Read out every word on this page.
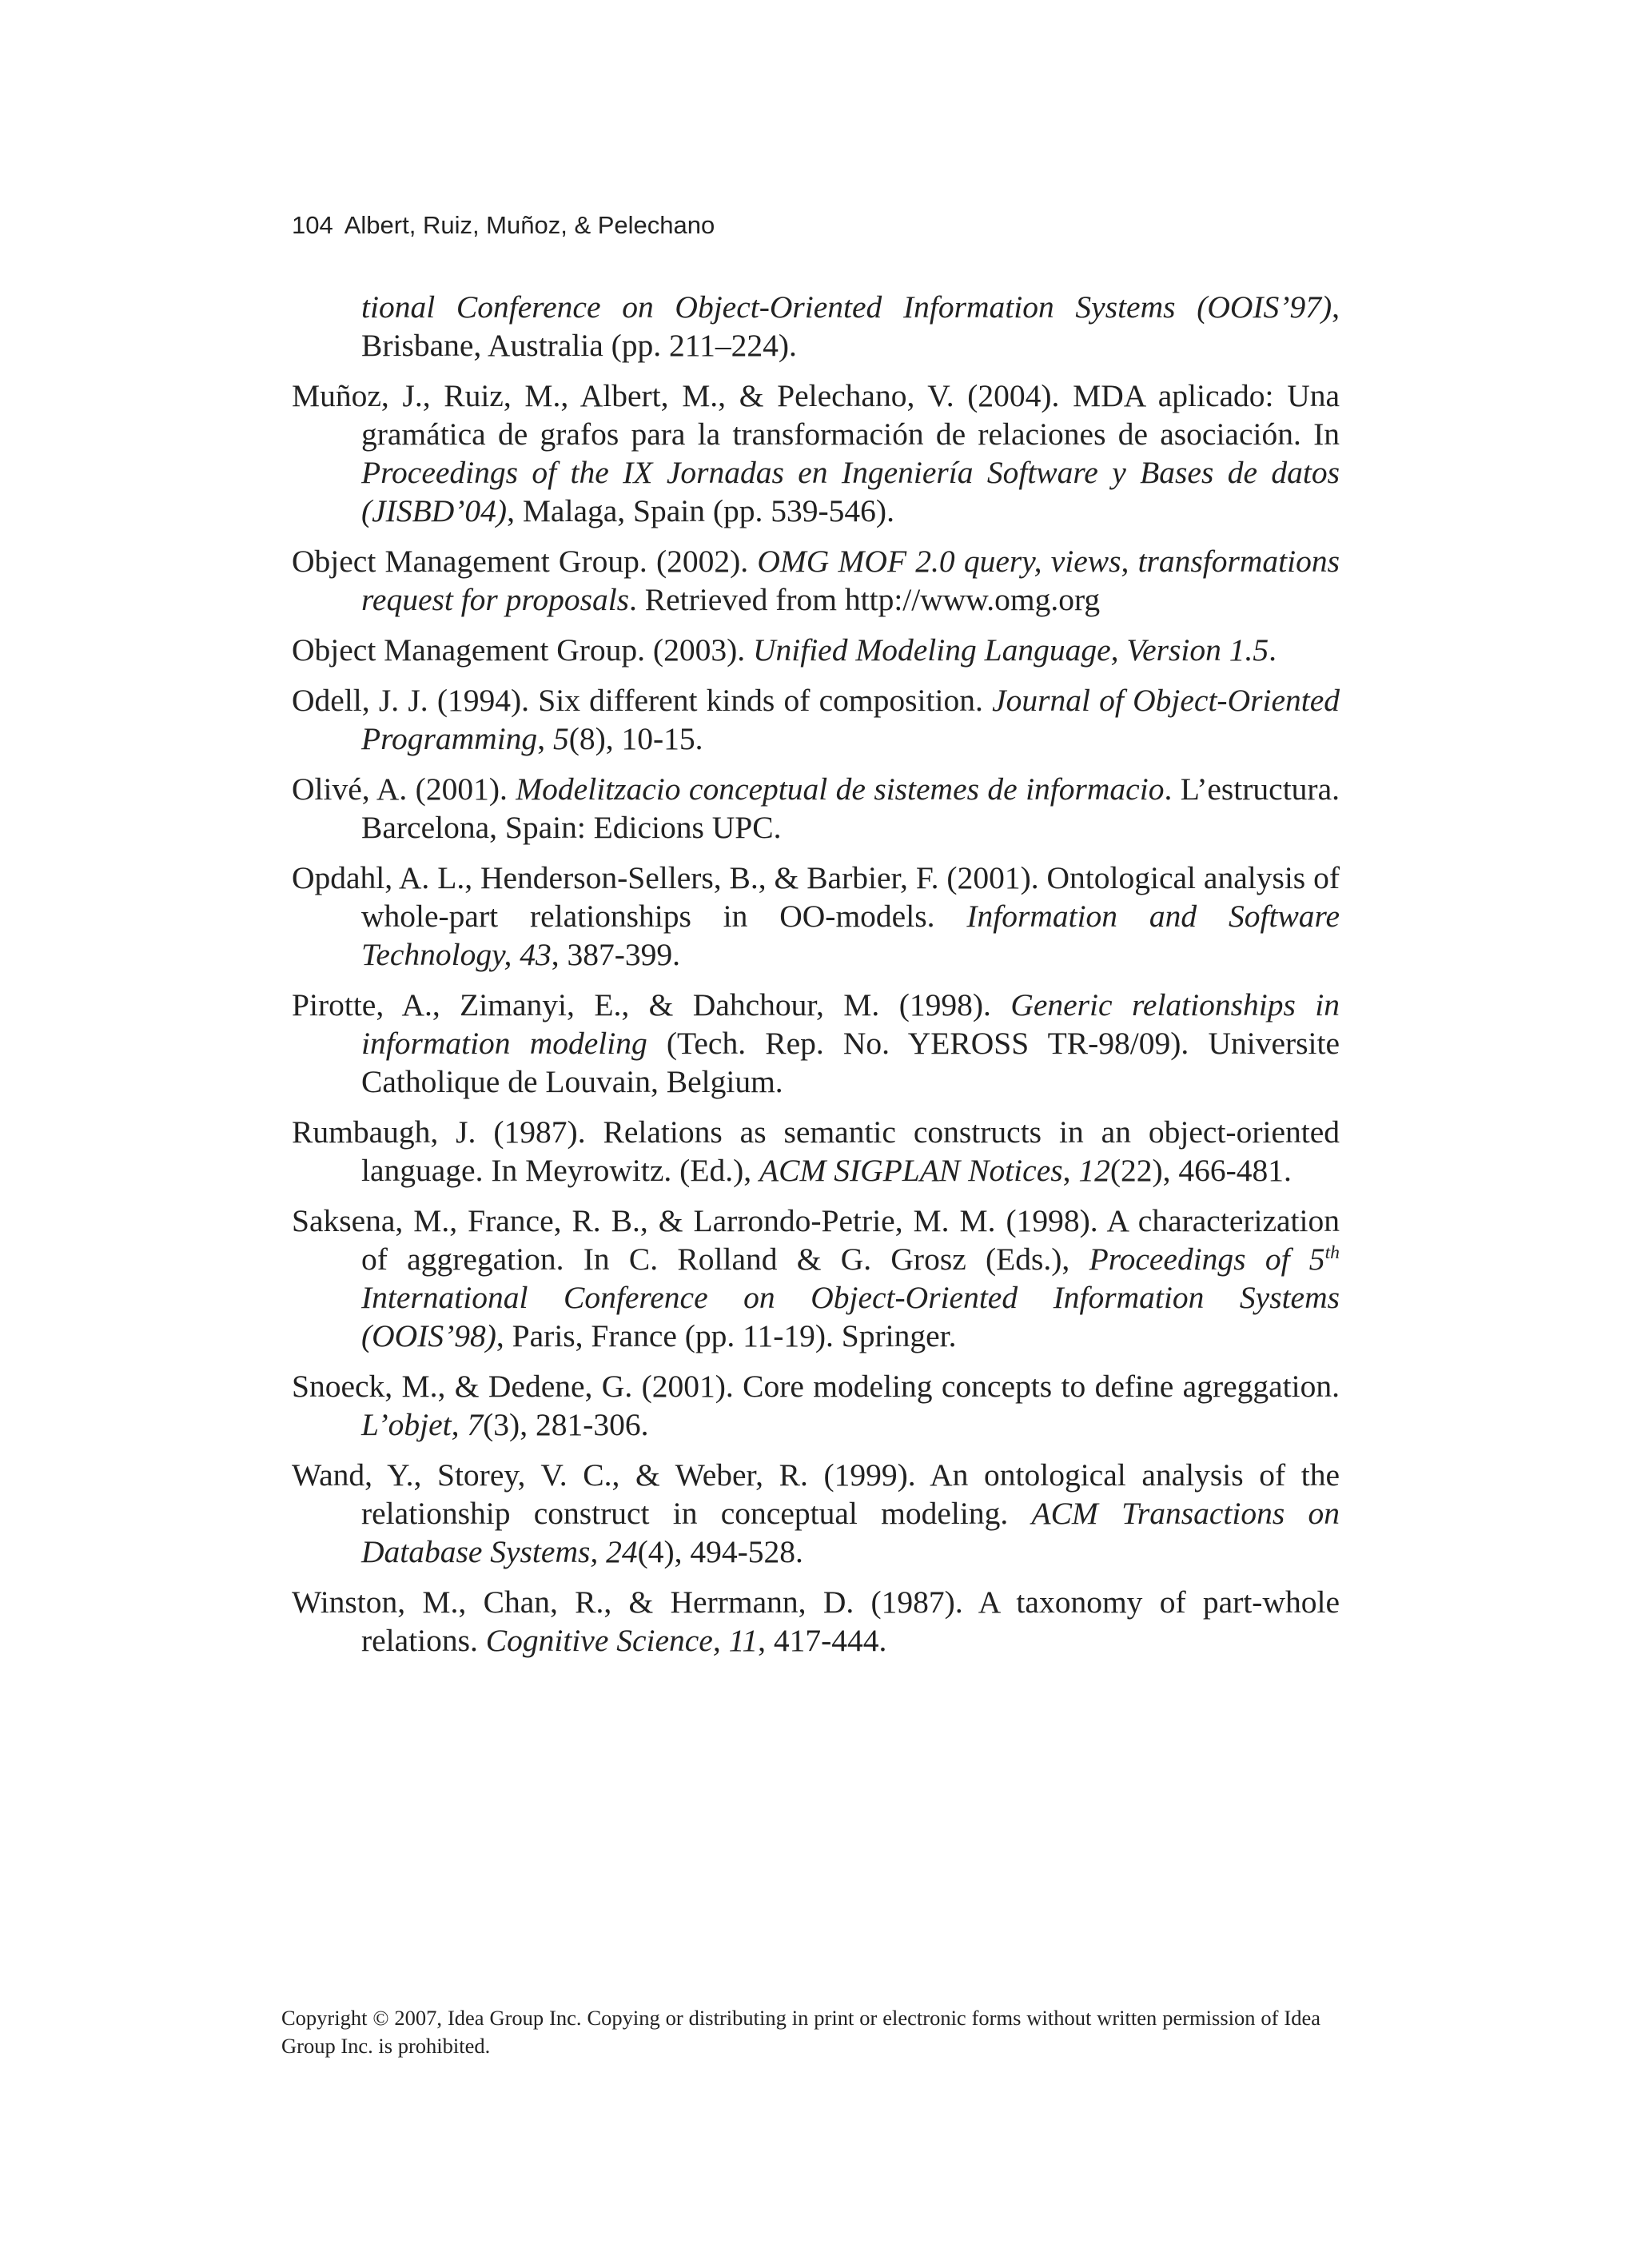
104 Albert, Ruiz, Muñoz, & Pelechano

tional Conference on Object-Oriented Information Systems (OOIS’97), Brisbane, Australia (pp. 211–224).

Muñoz, J., Ruiz, M., Albert, M., & Pelechano, V. (2004). MDA aplicado: Una gramática de grafos para la transformación de relaciones de asociación. In Proceedings of the IX Jornadas en Ingeniería Software y Bases de datos (JISBD’04), Malaga, Spain (pp. 539-546).

Object Management Group. (2002). OMG MOF 2.0 query, views, transformations request for proposals. Retrieved from http://www.omg.org

Object Management Group. (2003). Unified Modeling Language, Version 1.5.

Odell, J. J. (1994). Six different kinds of composition. Journal of Object-Oriented Programming, 5(8), 10-15.

Olivé, A. (2001). Modelitzacio conceptual de sistemes de informacio. L’estructura. Barcelona, Spain: Edicions UPC.

Opdahl, A. L., Henderson-Sellers, B., & Barbier, F. (2001). Ontological analysis of whole-part relationships in OO-models. Information and Software Technology, 43, 387-399.

Pirotte, A., Zimanyi, E., & Dahchour, M. (1998). Generic relationships in information modeling (Tech. Rep. No. YEROSS TR-98/09). Universite Catholique de Louvain, Belgium.

Rumbaugh, J. (1987). Relations as semantic constructs in an object-oriented language. In Meyrowitz. (Ed.), ACM SIGPLAN Notices, 12(22), 466-481.

Saksena, M., France, R. B., & Larrondo-Petrie, M. M. (1998). A characterization of aggregation. In C. Rolland & G. Grosz (Eds.), Proceedings of 5th International Conference on Object-Oriented Information Systems (OOIS’98), Paris, France (pp. 11-19). Springer.

Snoeck, M., & Dedene, G. (2001). Core modeling concepts to define agreggation. L’objet, 7(3), 281-306.

Wand, Y., Storey, V. C., & Weber, R. (1999). An ontological analysis of the relationship construct in conceptual modeling. ACM Transactions on Database Systems, 24(4), 494-528.

Winston, M., Chan, R., & Herrmann, D. (1987). A taxonomy of part-whole relations. Cognitive Science, 11, 417-444.

Copyright © 2007, Idea Group Inc. Copying or distributing in print or electronic forms without written permission of Idea Group Inc. is prohibited.
